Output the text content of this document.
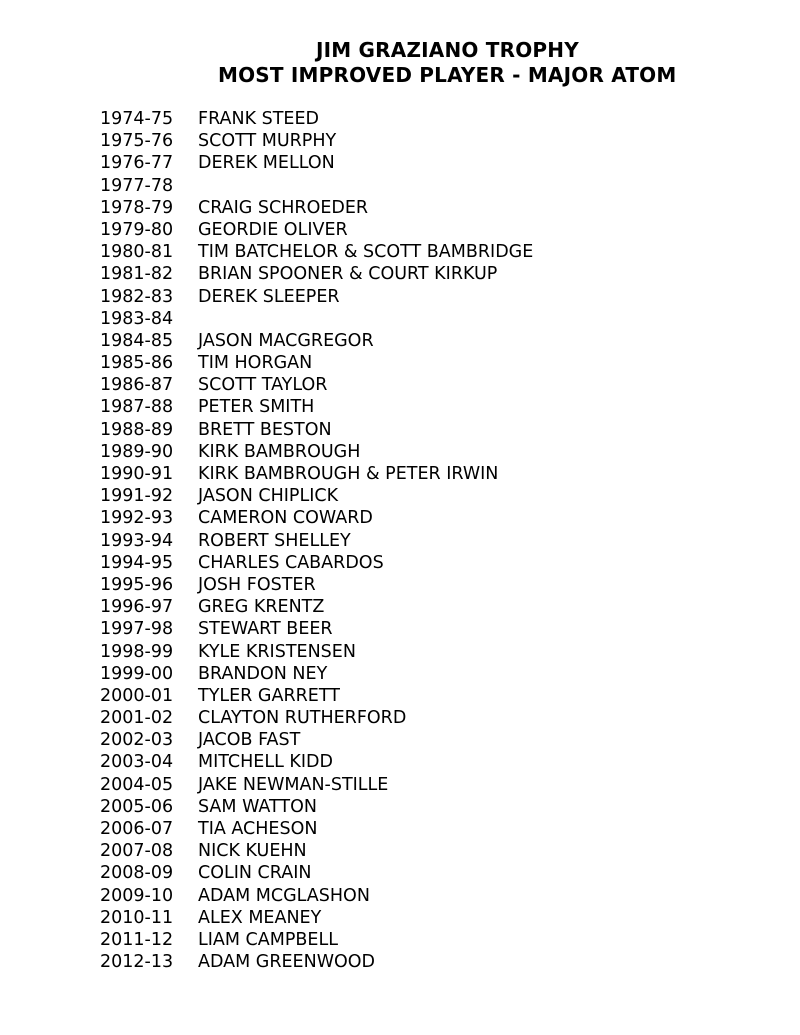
JIM GRAZIANO TROPHY
MOST IMPROVED PLAYER - MAJOR ATOM
1974-75 FRANK STEED
1975-76 SCOTT MURPHY
1976-77 DEREK MELLON
1977-78
1978-79 CRAIG SCHROEDER
1979-80 GEORDIE OLIVER
1980-81 TIM BATCHELOR & SCOTT BAMBRIDGE
1981-82 BRIAN SPOONER & COURT KIRKUP
1982-83 DEREK SLEEPER
1983-84
1984-85 JASON MACGREGOR
1985-86 TIM HORGAN
1986-87 SCOTT TAYLOR
1987-88 PETER SMITH
1988-89 BRETT BESTON
1989-90 KIRK BAMBROUGH
1990-91 KIRK BAMBROUGH & PETER IRWIN
1991-92 JASON CHIPLICK
1992-93 CAMERON COWARD
1993-94 ROBERT SHELLEY
1994-95 CHARLES CABARDOS
1995-96 JOSH FOSTER
1996-97 GREG KRENTZ
1997-98 STEWART BEER
1998-99 KYLE KRISTENSEN
1999-00 BRANDON NEY
2000-01 TYLER GARRETT
2001-02 CLAYTON RUTHERFORD
2002-03 JACOB FAST
2003-04 MITCHELL KIDD
2004-05 JAKE NEWMAN-STILLE
2005-06 SAM WATTON
2006-07 TIA ACHESON
2007-08 NICK KUEHN
2008-09 COLIN CRAIN
2009-10 ADAM MCGLASHON
2010-11 ALEX MEANEY
2011-12 LIAM CAMPBELL
2012-13 ADAM GREENWOOD
